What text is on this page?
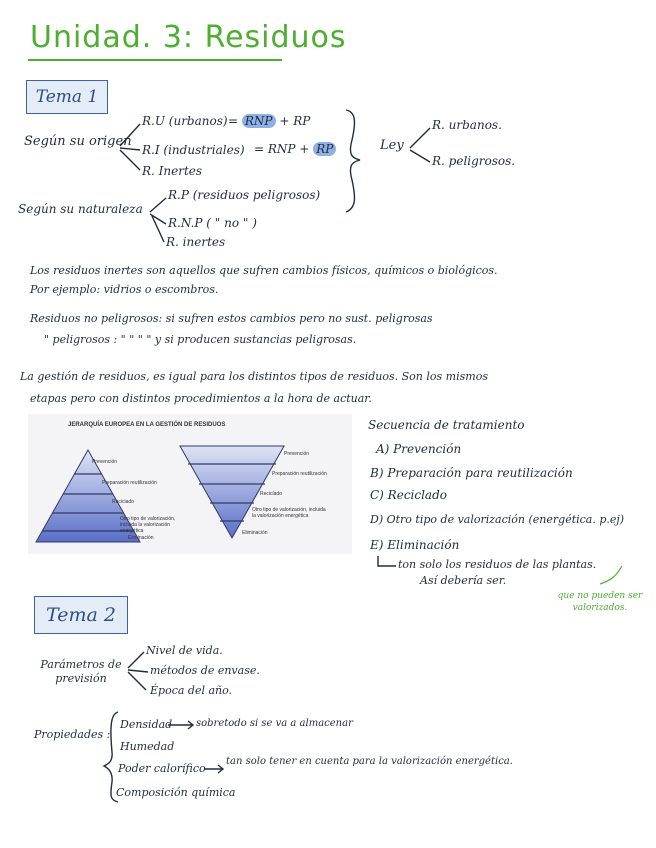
Unidad. 3: Residuos
Tema 1
Según su origen
R.U (urbanos) = RNP + RP
R.I (industriales) = RNP + RP
R. Inertes
Ley
R. urbanos.
R. peligrosos.
Según su naturaleza
R.P (residuos peligrosos)
R.N.P ( " no " )
R. inertes
Los residuos inertes son aquellos que sufren cambios físicos, químicos o biológicos.
Por ejemplo: vidrios o escombros.
Residuos no peligrosos: si sufren estos cambios pero no sust. peligrosas
" peligrosos : " " " " y si producen sustancias peligrosas.
La gestión de residuos, es igual para los distintos tipos de residuos. Son los mismos
etapas pero con distintos procedimientos a la hora de actuar.
JERARQUÍA EUROPEA EN LA GESTIÓN DE RESIDUOS
Prevención
Preparación reutilización
Reciclado
Otro tipo de valorización, incluida la valorización energética
Eliminación
Prevención
Preparación reutilización
Reciclado
Otro tipo de valorización, incluida la valorización energética
Eliminación
Secuencia de tratamiento
A) Prevención
B) Preparación para reutilización
C) Reciclado
D) Otro tipo de valorización (energética. p.ej)
E) Eliminación
ton solo los residuos de las plantas.
Así debería ser.
que no pueden ser valorizados.
Tema 2
Parámetros de previsión
Nivel de vida.
métodos de envase.
Época del año.
Propiedades :
Densidad sobretodo si se va a almacenar
Humedad
Poder calorífico
tan solo tener en cuenta para la valorización energética.
Composición química
